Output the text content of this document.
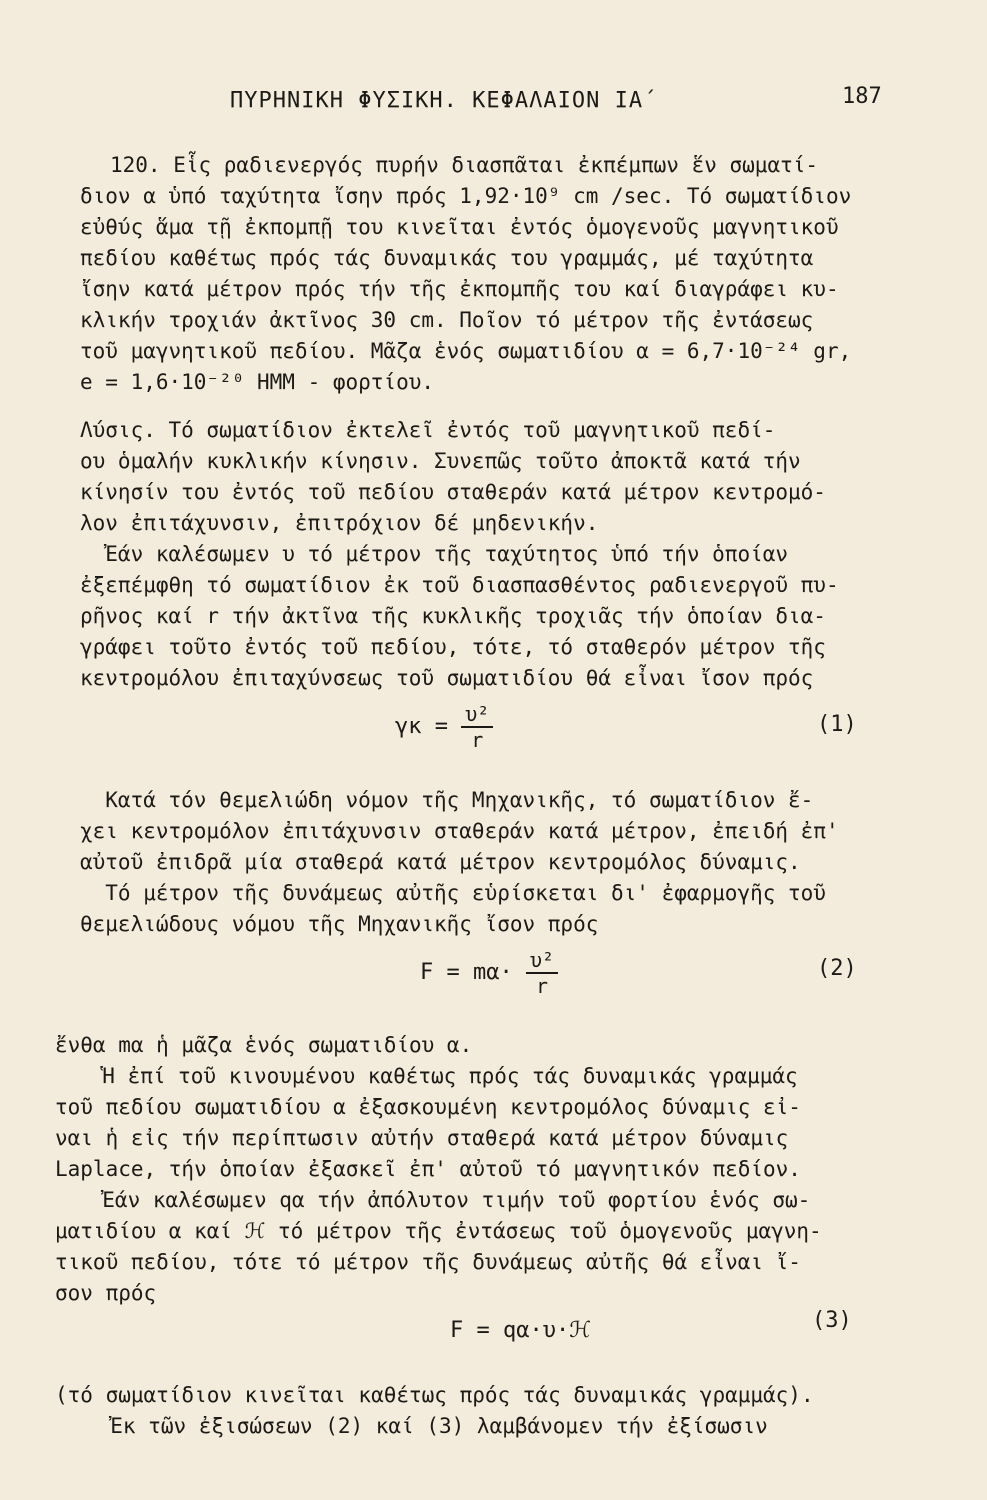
ΠΥΡΗΝΙΚΗ ΦΥΣΙΚΗ. ΚΕΦΑΛΑΙΟΝ ΙΑ΄	187
120. Εἷς ραδιενεργός πυρήν διασπᾶται ἐκπέμπων ἕν σωματί-
διον α ὑπό ταχύτητα ἴσην πρός 1,92·10⁹ cm /sec. Τό σωματίδιον
εὐθύς ἅμα τῇ ἐκπομπῇ του κινεῖται ἐντός ὁμογενοῦς μαγνητικοῦ
πεδίου καθέτως πρός τάς δυναμικάς του γραμμάς, μέ ταχύτητα
ἴσην κατά μέτρον πρός τήν τῆς ἐκπομπῆς του καί διαγράφει κυ-
κλικήν τροχιάν ἀκτῖνος 30 cm. Ποῖον τό μέτρον τῆς ἐντάσεως
τοῦ μαγνητικοῦ πεδίου. Μᾶζα ἑνός σωματιδίου α = 6,7·10⁻²⁴ gr,
e = 1,6·10⁻²⁰ ΗΜΜ - φορτίου.
Λύσις. Τό σωματίδιον ἐκτελεῖ ἐντός τοῦ μαγνητικοῦ πεδί-
ου ὁμαλήν κυκλικήν κίνησιν. Συνεπῶς τοῦτο ἀποκτᾶ κατά τήν
κίνησίν του ἐντός τοῦ πεδίου σταθεράν κατά μέτρον κεντρομό-
λον ἐπιτάχυνσιν, ἐπιτρόχιον δέ μηδενικήν.
Ἐάν καλέσωμεν υ τό μέτρον τῆς ταχύτητος ὑπό τήν ὁποίαν
ἐξεπέμφθη τό σωματίδιον ἐκ τοῦ διασπασθέντος ραδιενεργοῦ πυ-
ρῆνος καί r τήν ἀκτῖνα τῆς κυκλικῆς τροχιᾶς τήν ὁποίαν δια-
γράφει τοῦτο ἐντός τοῦ πεδίου, τότε, τό σταθερόν μέτρον τῆς
κεντρομόλου ἐπιταχύνσεως τοῦ σωματιδίου θά εἶναι ἴσον πρός
$\gamma\kappa = \frac{\text{υ²}}{r}$	(1)
Κατά τόν θεμελιώδη νόμον τῆς Μηχανικῆς, τό σωματίδιον ἔ-
χει κεντρομόλον ἐπιτάχυνσιν σταθεράν κατά μέτρον, ἐπειδή ἐπ'
αὐτοῦ ἐπιδρᾶ μία σταθερά κατά μέτρον κεντρομόλος δύναμις.
Τό μέτρον τῆς δυνάμεως αὐτῆς εὑρίσκεται δι' ἐφαρμογῆς τοῦ
θεμελιώδους νόμου τῆς Μηχανικῆς ἴσον πρός
$F = m\alpha\cdot \frac{\text{υ²}}{r}$	(2)
ἔνθα mα ἡ μᾶζα ἑνός σωματιδίου α.
Ἡ ἐπί τοῦ κινουμένου καθέτως πρός τάς δυναμικάς γραμμάς
τοῦ πεδίου σωματιδίου α ἐξασκουμένη κεντρομόλος δύναμις εἰ-
ναι ἡ εἰς τήν περίπτωσιν αὐτήν σταθερά κατά μέτρον δύναμις
Laplace, τήν ὁποίαν ἐξασκεῖ ἐπ' αὐτοῦ τό μαγνητικόν πεδίον.
Ἐάν καλέσωμεν qα τήν ἀπόλυτον τιμήν τοῦ φορτίου ἑνός σω-
ματιδίου α καί ℋ τό μέτρον τῆς ἐντάσεως τοῦ ὁμογενοῦς μαγνη-
τικοῦ πεδίου, τότε τό μέτρον τῆς δυνάμεως αὐτῆς θά εἶναι ἴ-
σον πρός
F = qα·υ·ℋ	(3)
(τό σωματίδιον κινεῖται καθέτως πρός τάς δυναμικάς γραμμάς).
Ἐκ τῶν ἐξισώσεων (2) καί (3) λαμβάνομεν τήν ἐξίσωσιν
